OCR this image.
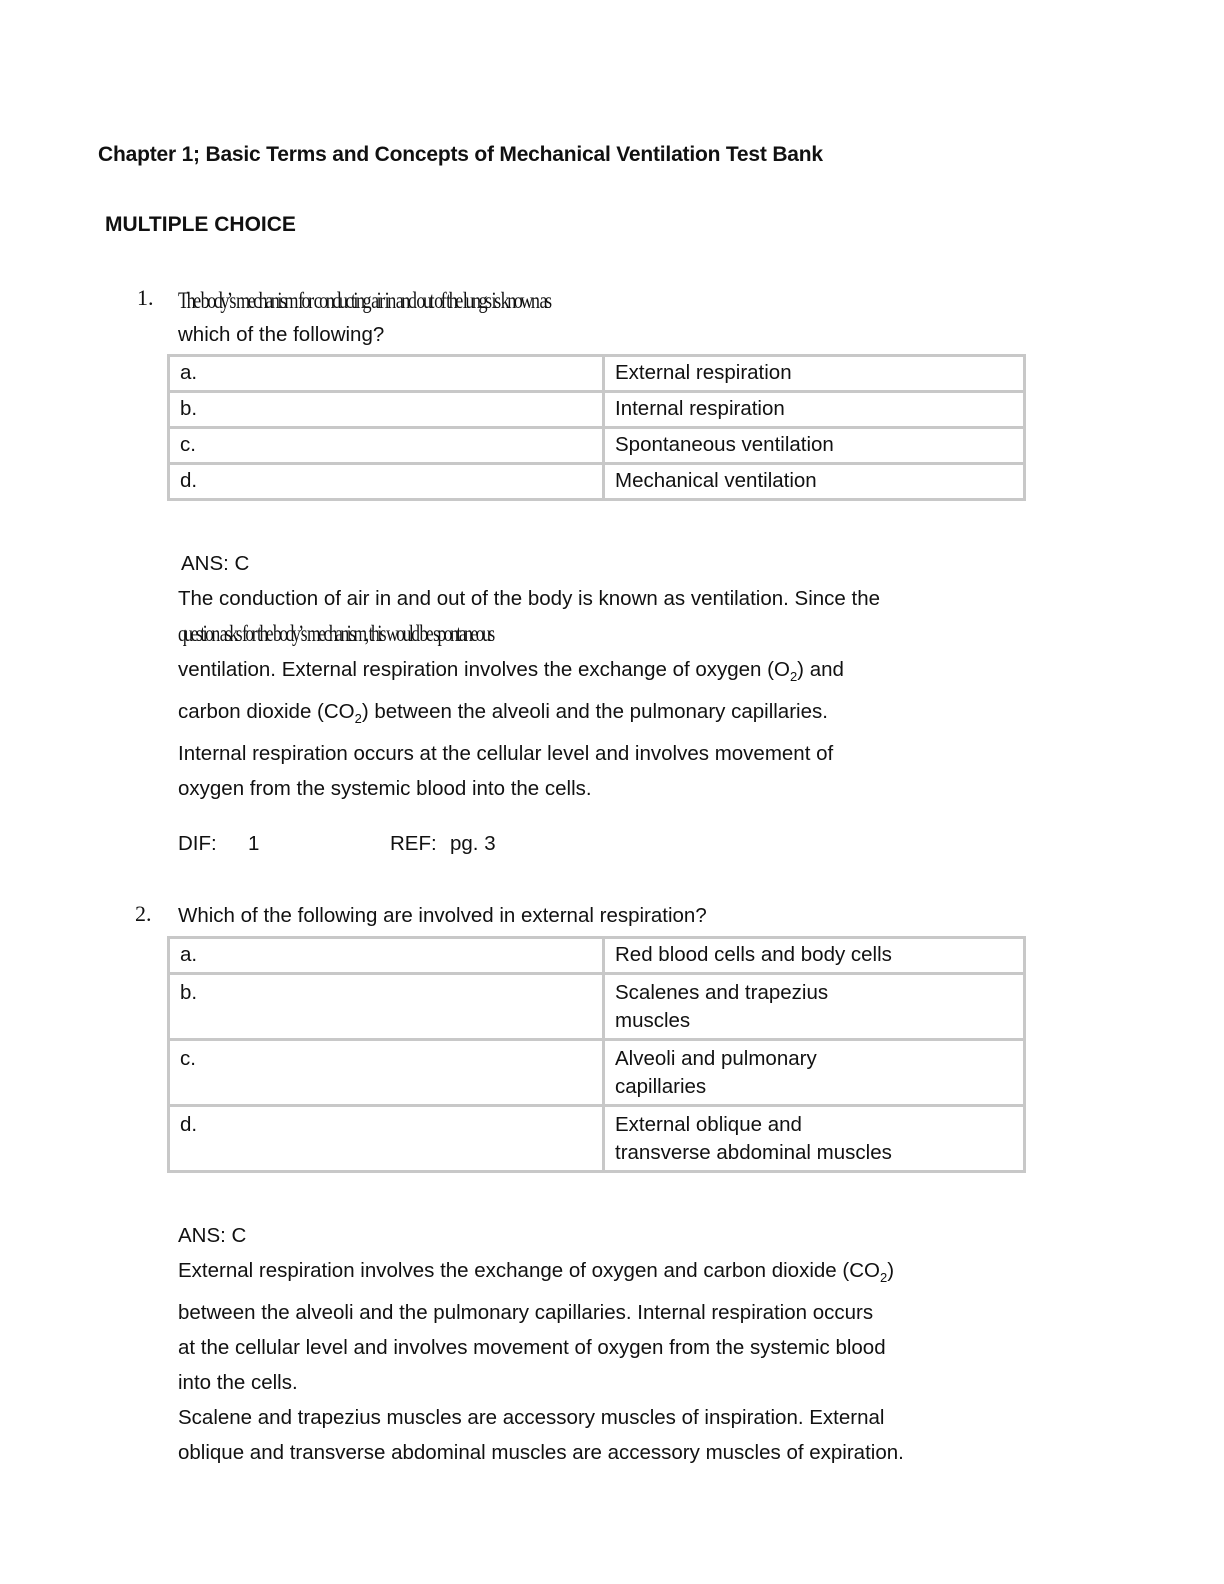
Chapter 1; Basic Terms and Concepts of Mechanical Ventilation Test Bank
MULTIPLE CHOICE
1. The body’s mechanism for conducting air in and out of the lungs is known as
which of the following?
a.	External respiration
b.	Internal respiration
c.	Spontaneous ventilation
d.	Mechanical ventilation
ANS: C
The conduction of air in and out of the body is known as ventilation. Since the
question asks for the body’s mechanism, this would be spontaneous
ventilation. External respiration involves the exchange of oxygen $(O_2)$ and
carbon dioxide $(CO_2)$ between the alveoli and the pulmonary capillaries.
Internal respiration occurs at the cellular level and involves movement of
oxygen from the systemic blood into the cells.
DIF: 1	REF: pg. 3
2. Which of the following are involved in external respiration?
a.	Red blood cells and body cells
b.	Scalenes and trapezius
muscles

c.	Alveoli and pulmonary
capillaries

d.	External oblique and
transverse abdominal muscles
ANS: C
External respiration involves the exchange of oxygen and carbon dioxide $(CO_2)$
between the alveoli and the pulmonary capillaries. Internal respiration occurs
at the cellular level and involves movement of oxygen from the systemic blood
into the cells.
Scalene and trapezius muscles are accessory muscles of inspiration. External
oblique and transverse abdominal muscles are accessory muscles of expiration.
